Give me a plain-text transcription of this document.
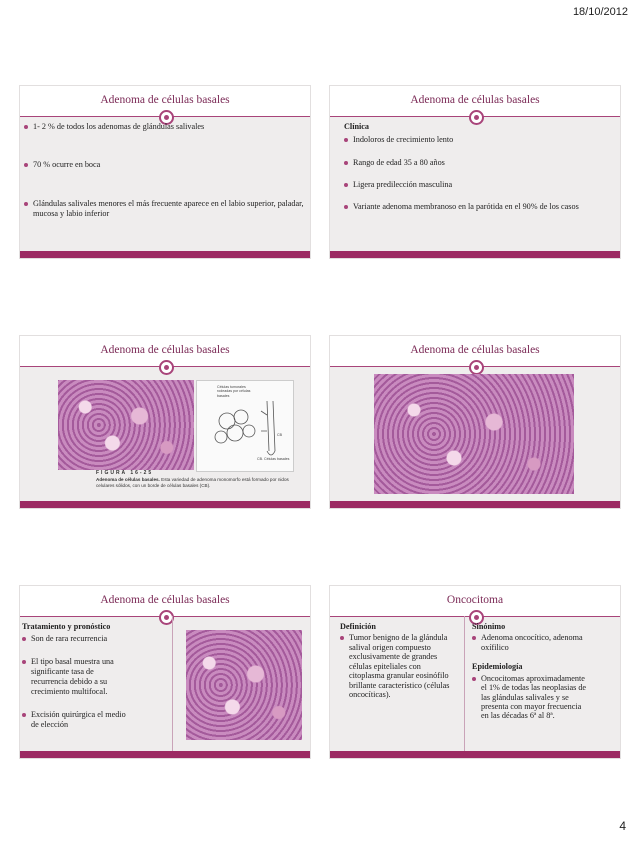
18/10/2012
Adenoma de células basales
1- 2 % de todos los adenomas de glándulas salivales
70 % ocurre en boca
Glándulas salivales menores el más frecuente aparece en el labio superior, paladar, mucosa y labio inferior
Adenoma de células basales
Clínica
Indoloros de crecimiento lento
Rango de edad 35 a 80 años
Ligera predilección masculina
Variante adenoma membranoso en la parótida en el 90% de los casos
Adenoma de células basales
Células tumorales rodeadas por células basales
CB. Células basales
CB
FIGURA 16-25
Adenoma de células basales. Esta variedad de adenoma monomorfo está formado por nidos celulares sólidos, con un borde de células basales (CB).
Adenoma de células basales
Adenoma de células basales
Tratamiento y pronóstico
Son de rara recurrencia
El tipo basal muestra una significante tasa de recurrencia debido a su crecimiento multifocal.
Excisión quirúrgica el medio de elección
Oncocitoma
Definición
Tumor benigno de la glándula salival origen compuesto exclusivamente de grandes células epiteliales con citoplasma granular eosinófilo brillante característico (células oncocíticas).
Sinónimo
Adenoma oncocítico, adenoma oxífilico
Epidemiología
Oncocitomas aproximadamente el 1% de todas las neoplasias de las glándulas salivales y se presenta con mayor frecuencia en las décadas 6ª al 8ª.
4
